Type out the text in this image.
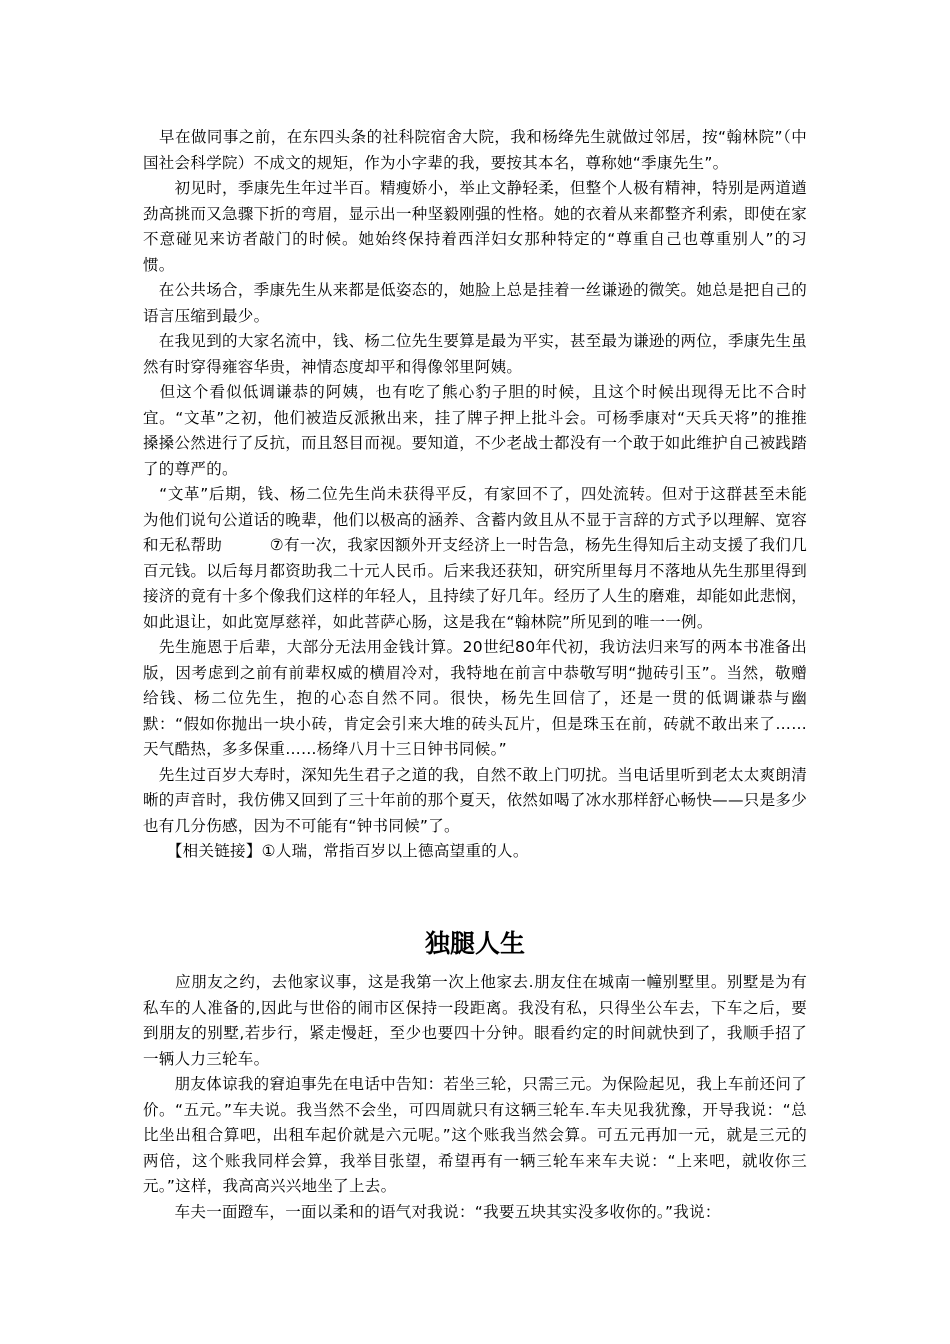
　早在做同事之前，在东四头条的社科院宿舍大院，我和杨绛先生就做过邻居，按“翰林院”（中国社会科学院）不成文的规矩，作为小字辈的我，要按其本名，尊称她“季康先生”。

　　初见时，季康先生年过半百。精瘦娇小，举止文静轻柔，但整个人极有精神，特别是两道遒劲高挑而又急骤下折的弯眉，显示出一种坚毅刚强的性格。她的衣着从来都整齐利索，即使在家不意碰见来访者敲门的时候。她始终保持着西洋妇女那种特定的“尊重自己也尊重别人”的习惯。

　在公共场合，季康先生从来都是低姿态的，她脸上总是挂着一丝谦逊的微笑。她总是把自己的语言压缩到最少。

　在我见到的大家名流中，钱、杨二位先生要算是最为平实，甚至最为谦逊的两位，季康先生虽然有时穿得雍容华贵，神情态度却平和得像邻里阿姨。

　但这个看似低调谦恭的阿姨，也有吃了熊心豹子胆的时候，且这个时候出现得无比不合时宜。“文革”之初，他们被造反派揪出来，挂了牌子押上批斗会。可杨季康对“天兵天将”的推推搡搡公然进行了反抗，而且怒目而视。要知道，不少老战士都没有一个敢于如此维护自己被践踏了的尊严的。

　“文革”后期，钱、杨二位先生尚未获得平反，有家回不了，四处流转。但对于这群甚至未能为他们说句公道话的晚辈，他们以极高的涵养、含蓄内敛且从不显于言辞的方式予以理解、宽容和无私帮助　　　⑦有一次，我家因额外开支经济上一时告急，杨先生得知后主动支援了我们几百元钱。以后每月都资助我二十元人民币。后来我还获知，研究所里每月不落地从先生那里得到接济的竟有十多个像我们这样的年轻人，且持续了好几年。经历了人生的磨难，却能如此悲悯，如此退让，如此宽厚慈祥，如此菩萨心肠，这是我在“翰林院”所见到的唯一一例。

　先生施恩于后辈，大部分无法用金钱计算。20世纪80年代初，我访法归来写的两本书准备出版，因考虑到之前有前辈权威的横眉冷对，我特地在前言中恭敬写明“抛砖引玉”。当然，敬赠给钱、杨二位先生，抱的心态自然不同。很快，杨先生回信了，还是一贯的低调谦恭与幽默：“假如你抛出一块小砖，肯定会引来大堆的砖头瓦片，但是珠玉在前，砖就不敢出来了……天气酷热，多多保重……杨绛八月十三日钟书同候。”

　先生过百岁大寿时，深知先生君子之道的我，自然不敢上门叨扰。当电话里听到老太太爽朗清晰的声音时，我仿佛又回到了三十年前的那个夏天，依然如喝了冰水那样舒心畅快——只是多少也有几分伤感，因为不可能有“钟书同候”了。

　　【相关链接】①人瑞，常指百岁以上德高望重的人。

独腿人生

　　应朋友之约，去他家议事，这是我第一次上他家去.朋友住在城南一幢别墅里。别墅是为有私车的人准备的,因此与世俗的闹市区保持一段距离。我没有私，只得坐公车去，下车之后，要到朋友的别墅,若步行，紧走慢赶，至少也要四十分钟。眼看约定的时间就快到了，我顺手招了一辆人力三轮车。

　　朋友体谅我的窘迫事先在电话中告知：若坐三轮，只需三元。为保险起见，我上车前还问了价。“五元。”车夫说。我当然不会坐，可四周就只有这辆三轮车.车夫见我犹豫，开导我说：“总比坐出租合算吧，出租车起价就是六元呢。”这个账我当然会算。可五元再加一元，就是三元的两倍，这个账我同样会算，我举目张望，希望再有一辆三轮车来车夫说：“上来吧，就收你三元。”这样，我高高兴兴地坐了上去。

　　车夫一面蹬车，一面以柔和的语气对我说：“我要五块其实没多收你的。”我说：
